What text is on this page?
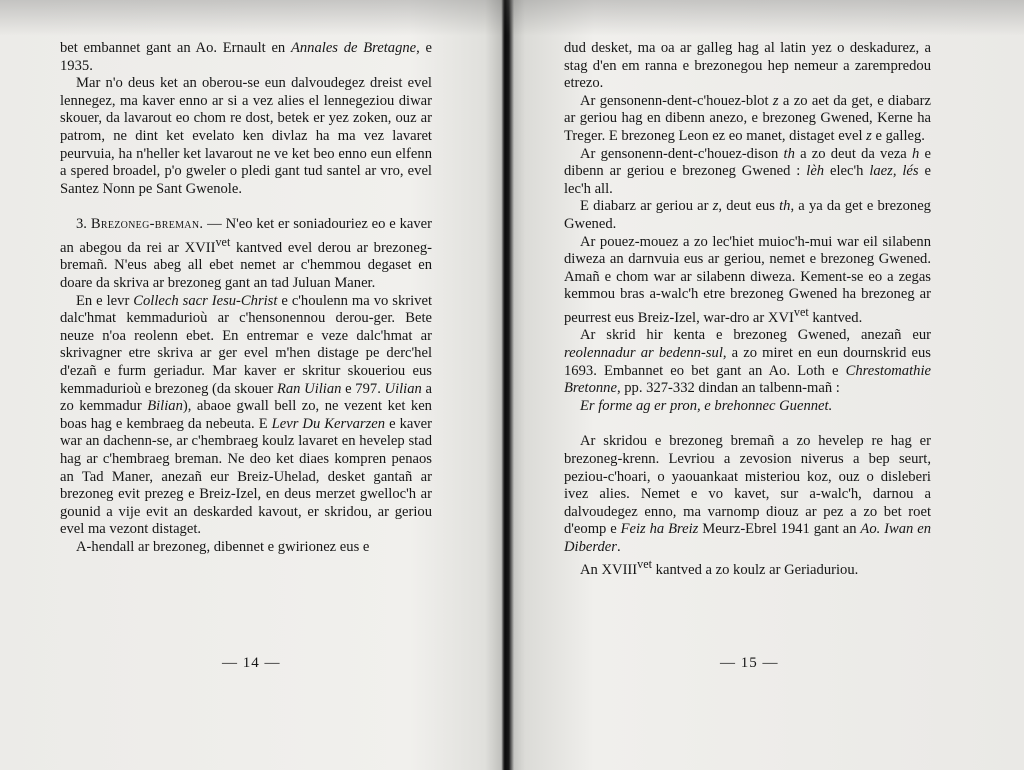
bet embannet gant an Ao. Ernault en Annales de Bretagne, e 1935.

Mar n'o deus ket an oberou-se eun dalvoudegez dreist evel lennegez, ma kaver enno ar si a vez alies el lennegeziou diwar skouer, da lavarout eo chom re dost, betek er yez zoken, ouz ar patrom, ne dint ket evelato ken divlaz ha ma vez lavaret peurvuia, ha n'heller ket lavarout ne ve ket beo enno eun elfenn a spered broadel, p'o gweler o pledi gant tud santel ar vro, evel Santez Nonn pe Sant Gwenole.

3. Brezoneg-breman. — N'eo ket er soniadouriez eo e kaver an abegou da rei ar $XVII^{vet}$ kantved evel derou ar brezoneg-bremañ. N'eus abeg all ebet nemet ar c'hemmou degaset en doare da skriva ar brezoneg gant an tad Juluan Maner.

En e levr Collech sacr Iesu-Christ e c'houlenn ma vo skrivet dalc'hmat kemmadurioù ar c'hensonennou derou-ger. Bete neuze n'oa reolenn ebet. En entremar e veze dalc'hmat ar skrivagner etre skriva ar ger evel m'hen distage pe derc'hel d'ezañ e furm geriadur. Mar kaver er skritur skoueriou eus kemmadurioù e brezoneg (da skouer Ran Uilian e 797. Uilian a zo kemmadur Bilian), abaoe gwall bell zo, ne vezent ket ken boas hag e kembraeg da nebeuta. E Levr Du Kervarzen e kaver war an dachenn-se, ar c'hembraeg koulz lavaret en hevelep stad hag ar c'hembraeg breman. Ne deo ket diaes kompren penaos an Tad Maner, anezañ eur Breiz-Uhelad, desket gantañ ar brezoneg evit prezeg e Breiz-Izel, en deus merzet gwelloc'h ar gounid a vije evit an deskarded kavout, er skridou, ar geriou evel ma vezont distaget.

A-hendall ar brezoneg, dibennet e gwirionez eus e

— 14 —

dud desket, ma oa ar galleg hag al latin yez o deskadurez, a stag d'en em ranna e brezonegou hep nemeur a zarempredou etrezo.

Ar gensonenn-dent-c'houez-blot z a zo aet da get, e diabarz ar geriou hag en dibenn anezo, e brezoneg Gwened, Kerne ha Treger. E brezoneg Leon ez eo manet, distaget evel z e galleg.

Ar gensonenn-dent-c'houez-dison th a zo deut da veza h e dibenn ar geriou e brezoneg Gwened : lèh elec'h laez, lés e lec'h all.

E diabarz ar geriou ar z, deut eus th, a ya da get e brezoneg Gwened.

Ar pouez-mouez a zo lec'hiet muioc'h-mui war eil silabenn diweza an darnvuia eus ar geriou, nemet e brezoneg Gwened. Amañ e chom war ar silabenn diweza. Kement-se eo a zegas kemmou bras a-walc'h etre brezoneg Gwened ha brezoneg ar peurrest eus Breiz-Izel, war-dro ar $XVI^{vet}$ kantved.

Ar skrid hir kenta e brezoneg Gwened, anezañ eur reolennadur ar bedenn-sul, a zo miret en eun dournskrid eus 1693. Embannet eo bet gant an Ao. Loth e Chrestomathie Bretonne, pp. 327-332 dindan an talbenn-mañ :

Er forme ag er pron, e brehonnec Guennet.

Ar skridou e brezoneg bremañ a zo hevelep re hag er brezoneg-krenn. Levriou a zevosion niverus a bep seurt, peziou-c'hoari, o yaouankaat misteriou koz, ouz o disleberi ivez alies. Nemet e vo kavet, sur a-walc'h, darnou a dalvoudegez enno, ma varnomp diouz ar pez a zo bet roet d'eomp e Feiz ha Breiz Meurz-Ebrel 1941 gant an Ao. Iwan en Diberder.

An $XVIII^{vet}$ kantved a zo koulz ar Geriaduriou.

— 15 —
